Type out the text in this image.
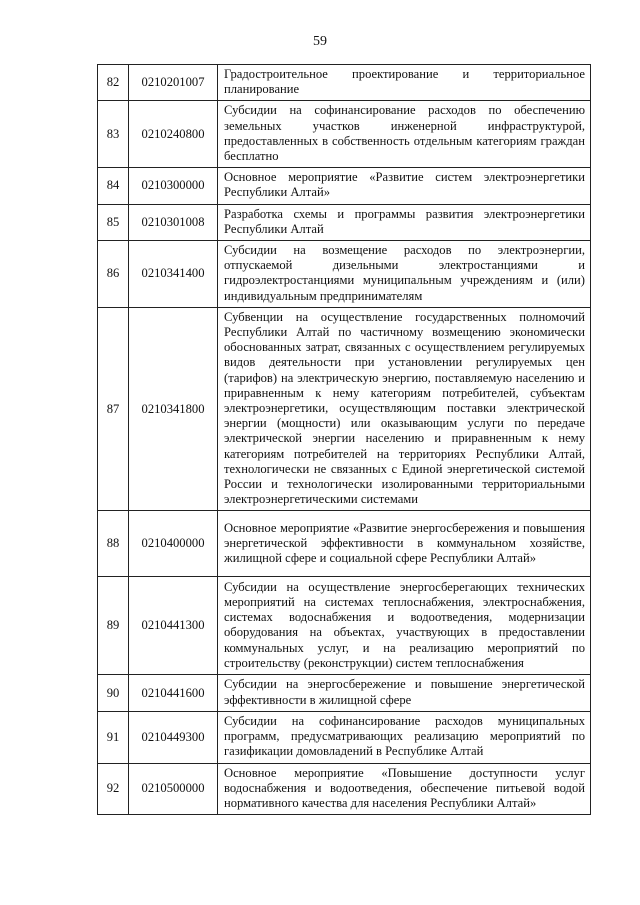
59
82	0210201007	Градостроительное проектирование и территориальное планирование
83	0210240800	Субсидии на софинансирование расходов по обеспечению земельных участков инженерной инфраструктурой, предоставленных в собственность отдельным категориям граждан бесплатно
84	0210300000	Основное мероприятие «Развитие систем электроэнергетики Республики Алтай»
85	0210301008	Разработка схемы и программы развития электроэнергетики Республики Алтай
86	0210341400	Субсидии на возмещение расходов по электроэнергии, отпускаемой дизельными электростанциями и гидроэлектростанциями муниципальным учреждениям и (или) индивидуальным предпринимателям
87	0210341800	Субвенции на осуществление государственных полномочий Республики Алтай по частичному возмещению экономически обоснованных затрат, связанных с осуществлением регулируемых видов деятельности при установлении регулируемых цен (тарифов) на электрическую энергию, поставляемую населению и приравненным к нему категориям потребителей, субъектам электроэнергетики, осуществляющим поставки электрической энергии (мощности) или оказывающим услуги по передаче электрической энергии населению и приравненным к нему категориям потребителей на территориях Республики Алтай, технологически не связанных с Единой энергетической системой России и технологически изолированными территориальными электроэнергетическими системами
88	0210400000	Основное мероприятие «Развитие энергосбережения и повышения энергетической эффективности в коммунальном хозяйстве, жилищной сфере и социальной сфере Республики Алтай»
89	0210441300	Субсидии на осуществление энергосберегающих технических мероприятий на системах теплоснабжения, электроснабжения, системах водоснабжения и водоотведения, модернизации оборудования на объектах, участвующих в предоставлении коммунальных услуг, и на реализацию мероприятий по строительству (реконструкции) систем теплоснабжения
90	0210441600	Субсидии на энергосбережение и повышение энергетической эффективности в жилищной сфере
91	0210449300	Субсидии на софинансирование расходов муниципальных программ, предусматривающих реализацию мероприятий по газификации домовладений в Республике Алтай
92	0210500000	Основное мероприятие «Повышение доступности услуг водоснабжения и водоотведения, обеспечение питьевой водой нормативного качества для населения Республики Алтай»
